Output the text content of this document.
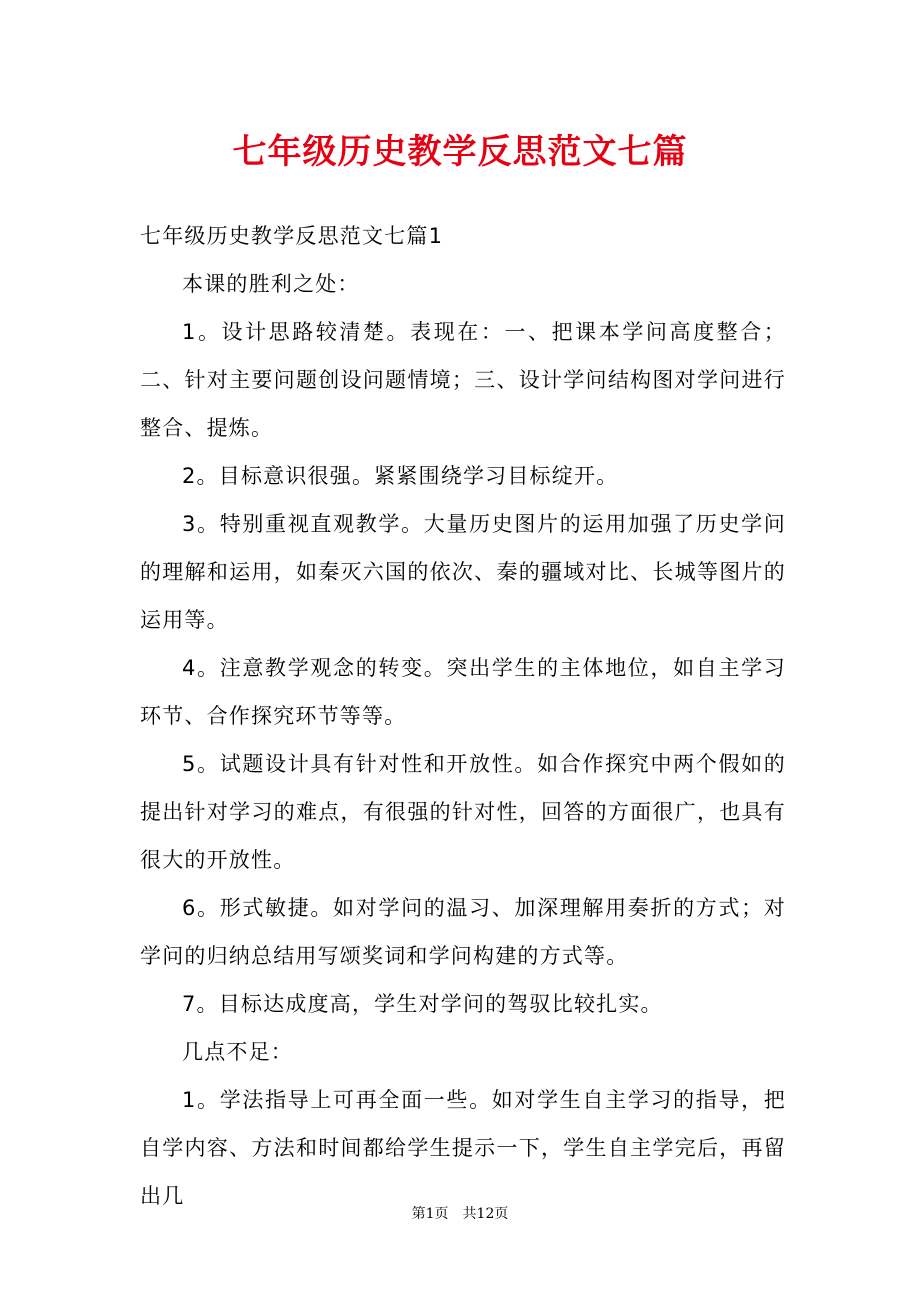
七年级历史教学反思范文七篇

七年级历史教学反思范文七篇1

本课的胜利之处：

1。设计思路较清楚。表现在：一、把课本学问高度整合；二、针对主要问题创设问题情境；三、设计学问结构图对学问进行整合、提炼。

2。目标意识很强。紧紧围绕学习目标绽开。

3。特别重视直观教学。大量历史图片的运用加强了历史学问的理解和运用，如秦灭六国的依次、秦的疆域对比、长城等图片的运用等。

4。注意教学观念的转变。突出学生的主体地位，如自主学习环节、合作探究环节等等。

5。试题设计具有针对性和开放性。如合作探究中两个假如的提出针对学习的难点，有很强的针对性，回答的方面很广，也具有很大的开放性。

6。形式敏捷。如对学问的温习、加深理解用奏折的方式；对学问的归纳总结用写颂奖词和学问构建的方式等。

7。目标达成度高，学生对学问的驾驭比较扎实。

几点不足：

1。学法指导上可再全面一些。如对学生自主学习的指导，把自学内容、方法和时间都给学生提示一下，学生自主学完后，再留出几

第1页 共12页
